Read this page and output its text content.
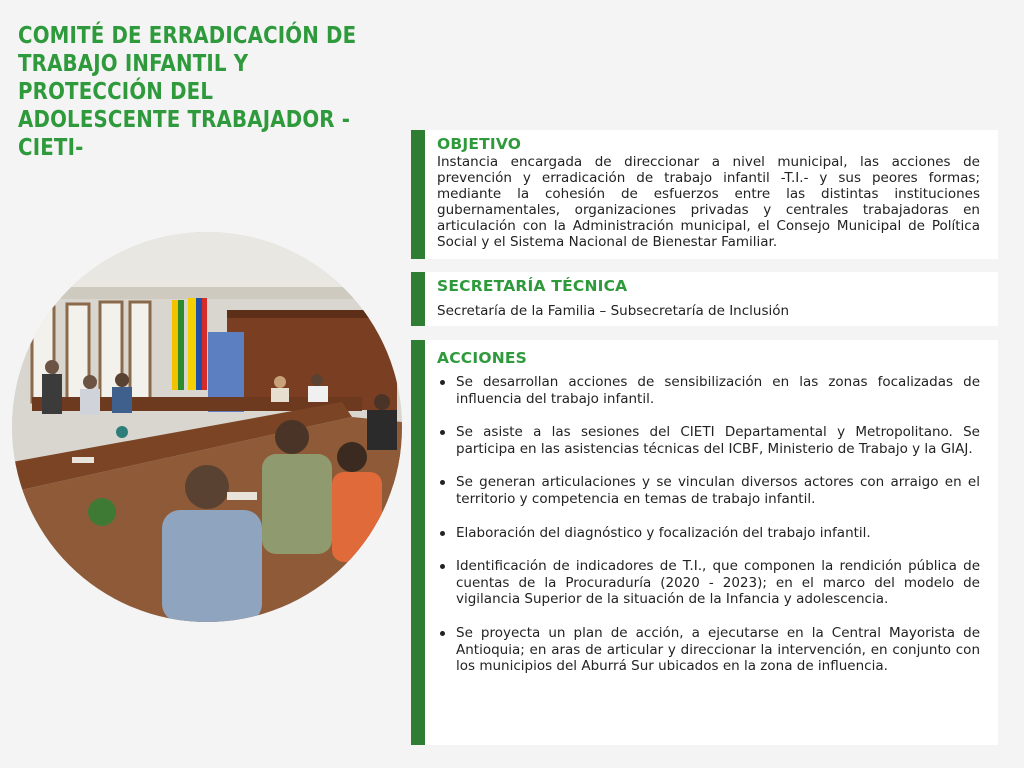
COMITÉ DE ERRADICACIÓN DE TRABAJO INFANTIL Y PROTECCIÓN DEL ADOLESCENTE TRABAJADOR -CIETI-	OBJETIVO

Instancia encargada de direccionar a nivel municipal, las acciones de prevención y erradicación de trabajo infantil -T.I.- y sus peores formas; mediante la cohesión de esfuerzos entre las distintas instituciones gubernamentales, organizaciones privadas y centrales trabajadoras en articulación con la Administración municipal, el Consejo Municipal de Política Social y el Sistema Nacional de Bienestar Familiar.

SECRETARÍA TÉCNICA

Secretaría de la Familia – Subsecretaría de Inclusión

ACCIONES
Se desarrollan acciones de sensibilización en las zonas focalizadas de influencia del trabajo infantil.
Se asiste a las sesiones del CIETI Departamental y Metropolitano. Se participa en las asistencias técnicas del ICBF, Ministerio de Trabajo y la GIAJ.
Se generan articulaciones y se vinculan diversos actores con arraigo en el territorio y competencia en temas de trabajo infantil.
Elaboración del diagnóstico y focalización del trabajo infantil.
Identificación de indicadores de T.I., que componen la rendición pública de cuentas de la Procuraduría (2020 - 2023); en el marco del modelo de vigilancia Superior de la situación de la Infancia y adolescencia.
Se proyecta un plan de acción, a ejecutarse en la Central Mayorista de Antioquia; en aras de articular y direccionar la intervención, en conjunto con los municipios del Aburrá Sur ubicados en la zona de influencia.
